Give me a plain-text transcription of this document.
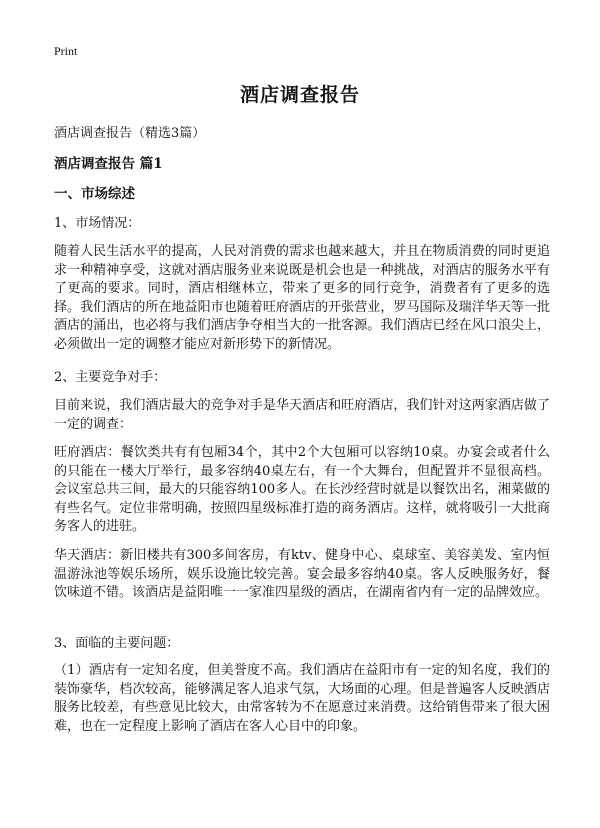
Print
酒店调查报告

酒店调查报告（精选3篇）

酒店调查报告 篇1

一、市场综述

1、市场情况：

随着人民生活水平的提高，人民对消费的需求也越来越大，并且在物质消费的同时更追求一种精神享受，这就对酒店服务业来说既是机会也是一种挑战，对酒店的服务水平有了更高的要求。同时，酒店相继林立，带来了更多的同行竞争，消费者有了更多的选择。我们酒店的所在地益阳市也随着旺府酒店的开张营业，罗马国际及瑞洋华天等一批酒店的涌出，也必将与我们酒店争夺相当大的一批客源。我们酒店已经在风口浪尖上，必须做出一定的调整才能应对新形势下的新情况。

2、主要竞争对手：

目前来说，我们酒店最大的竞争对手是华天酒店和旺府酒店，我们针对这两家酒店做了一定的调查：

旺府酒店：餐饮类共有有包厢34个，其中2个大包厢可以容纳10桌。办宴会或者什么的只能在一楼大厅举行，最多容纳40桌左右，有一个大舞台，但配置并不显很高档。会议室总共三间，最大的只能容纳100多人。在长沙经营时就是以餐饮出名，湘菜做的有些名气。定位非常明确，按照四星级标准打造的商务酒店。这样，就将吸引一大批商务客人的进驻。

华天酒店：新旧楼共有300多间客房，有ktv、健身中心、桌球室、美容美发、室内恒温游泳池等娱乐场所，娱乐设施比较完善。宴会最多容纳40桌。客人反映服务好，餐饮味道不错。该酒店是益阳唯一一家准四星级的酒店，在湖南省内有一定的品牌效应。

3、面临的主要问题：

（1）酒店有一定知名度，但美誉度不高。我们酒店在益阳市有一定的知名度，我们的装饰豪华，档次较高，能够满足客人追求气氛，大场面的心理。但是普遍客人反映酒店服务比较差，有些意见比较大，由常客转为不在愿意过来消费。这给销售带来了很大困难，也在一定程度上影响了酒店在客人心目中的印象。
